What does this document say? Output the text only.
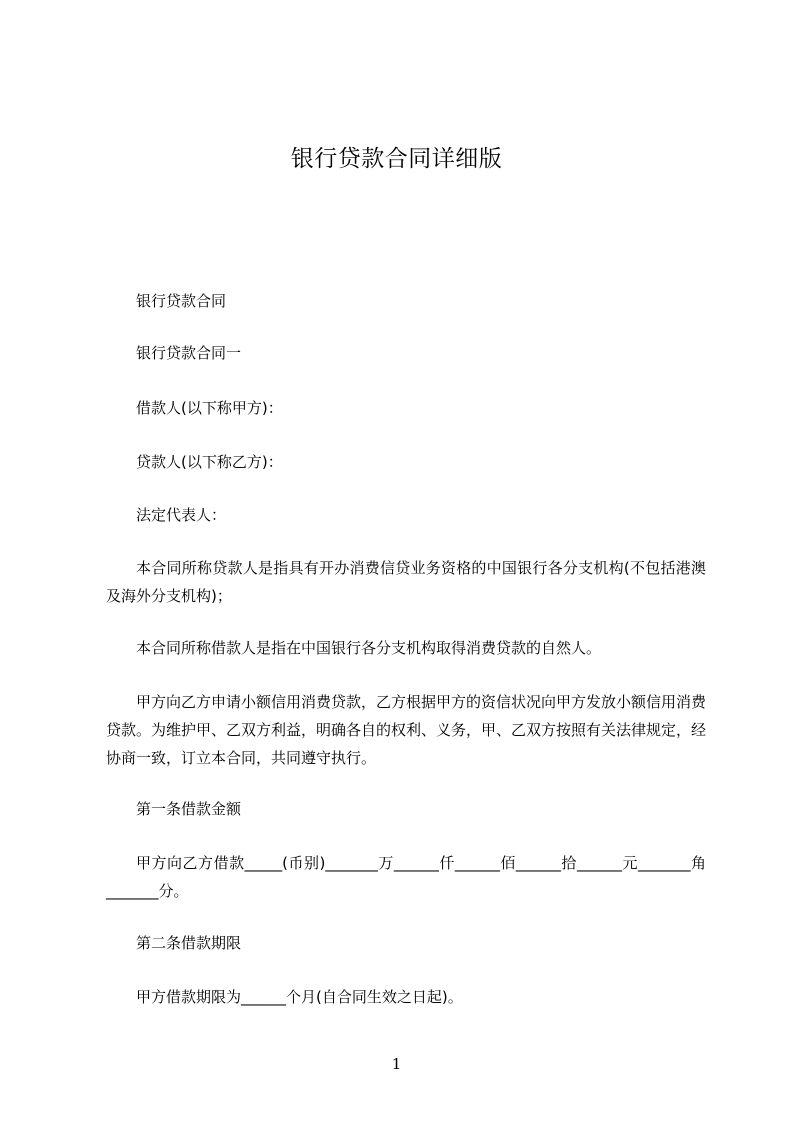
银行贷款合同详细版
银行贷款合同
银行贷款合同一
借款人(以下称甲方)：
贷款人(以下称乙方)：
法定代表人：
本合同所称贷款人是指具有开办消费信贷业务资格的中国银行各分支机构(不包括港澳及海外分支机构)；
本合同所称借款人是指在中国银行各分支机构取得消费贷款的自然人。
甲方向乙方申请小额信用消费贷款，乙方根据甲方的资信状况向甲方发放小额信用消费贷款。为维护甲、乙双方利益，明确各自的权利、义务，甲、乙双方按照有关法律规定，经协商一致，订立本合同，共同遵守执行。
第一条借款金额
甲方向乙方借款_____(币别)_______万______仟______佰______拾______元_______角_______分。
第二条借款期限
甲方借款期限为______个月(自合同生效之日起)。
1
